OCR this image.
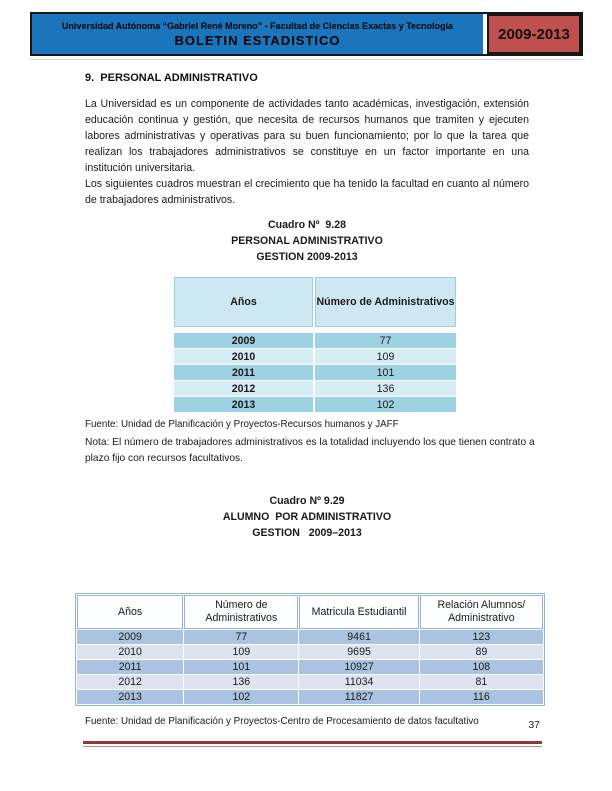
Universidad Autónoma “Gabriel René Moreno” - Facultad de Ciencias Exactas y Tecnología
BOLETIN ESTADISTICO	2009-2013
9.  PERSONAL ADMINISTRATIVO
La Universidad es un componente de actividades tanto académicas, investigación, extensión educación continua y gestión, que necesita de recursos humanos que tramiten y ejecuten labores administrativas y operativas para su buen funcionamiento; por lo que la tarea que realizan los trabajadores administrativos se constituye en un factor importante en una institución universitaria.
Los siguientes cuadros muestran el crecimiento que ha tenido la facultad en cuanto al número de trabajadores administrativos.
Cuadro Nº  9.28
PERSONAL ADMINISTRATIVO
GESTION 2009-2013
Años	Número de Administrativos

2009	77
2010	109
2011	101
2012	136
2013	102
Fuente: Unidad de Planificación y Proyectos-Recursos humanos y JAFF
Nota: El número de trabajadores administrativos es la totalidad incluyendo los que tienen contrato a plazo fijo con recursos facultativos.
Cuadro Nº 9.29
ALUMNO  POR ADMINISTRATIVO
GESTION   2009–2013
Años	Número de Administrativos	Matricula Estudiantil	Relación Alumnos/ Administrativo
2009	77	9461	123
2010	109	9695	89
2011	101	10927	108
2012	136	11034	81
2013	102	11827	116
Fuente: Unidad de Planificación y Proyectos-Centro de Procesamiento de datos facultativo	37
